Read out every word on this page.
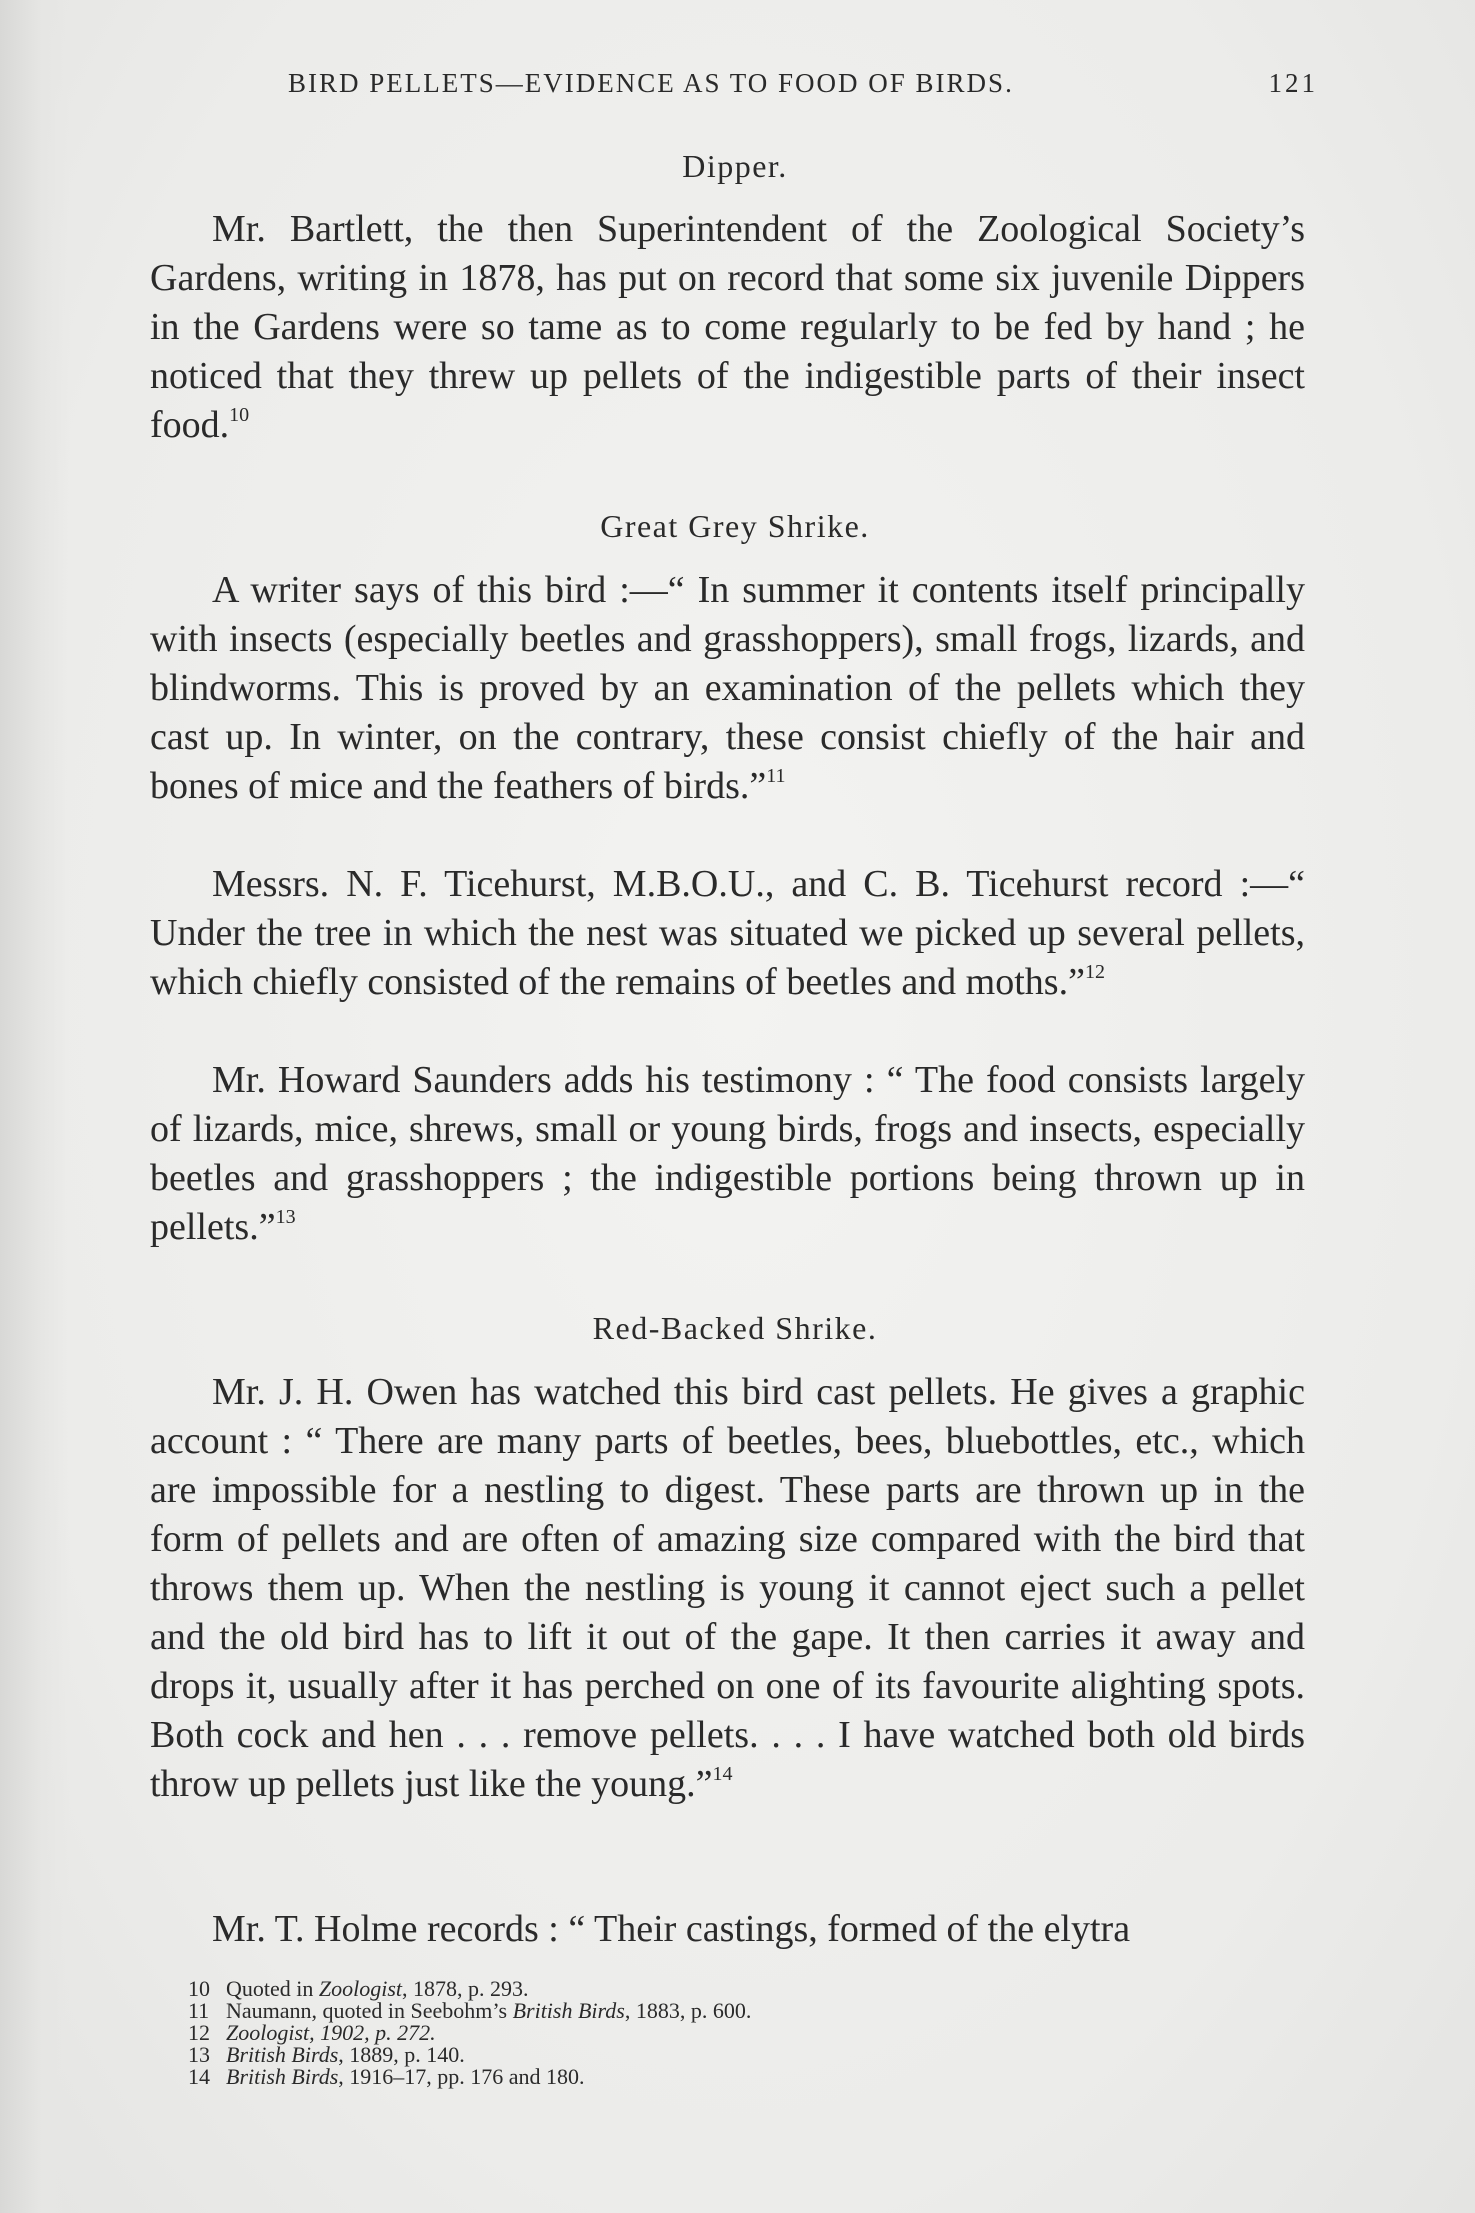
BIRD PELLETS—EVIDENCE AS TO FOOD OF BIRDS.	121
Dipper.

Mr. Bartlett, the then Superintendent of the Zoological Society’s Gardens, writing in 1878, has put on record that some six juvenile Dippers in the Gardens were so tame as to come regularly to be fed by hand ; he noticed that they threw up pellets of the indigestible parts of their insect food.$^{10}$

Great Grey Shrike.

A writer says of this bird :—“ In summer it contents itself principally with insects (especially beetles and grasshoppers), small frogs, lizards, and blindworms. This is proved by an examination of the pellets which they cast up. In winter, on the contrary, these consist chiefly of the hair and bones of mice and the feathers of birds.”$^{11}$

Messrs. N. F. Ticehurst, M.B.O.U., and C. B. Ticehurst record :—“ Under the tree in which the nest was situated we picked up several pellets, which chiefly consisted of the remains of beetles and moths.”$^{12}$

Mr. Howard Saunders adds his testimony : “ The food consists largely of lizards, mice, shrews, small or young birds, frogs and insects, especially beetles and grasshoppers ; the indigestible portions being thrown up in pellets.”$^{13}$

Red-Backed Shrike.

Mr. J. H. Owen has watched this bird cast pellets. He gives a graphic account : “ There are many parts of beetles, bees, bluebottles, etc., which are impossible for a nestling to digest. These parts are thrown up in the form of pellets and are often of amazing size compared with the bird that throws them up. When the nestling is young it cannot eject such a pellet and the old bird has to lift it out of the gape. It then carries it away and drops it, usually after it has perched on one of its favourite alighting spots. Both cock and hen . . . remove pellets. . . . I have watched both old birds throw up pellets just like the young.”$^{14}$

Mr. T. Holme records : “ Their castings, formed of the elytra

10 Quoted in Zoologist, 1878, p. 293.
11 Naumann, quoted in Seebohm’s British Birds, 1883, p. 600.
12 Zoologist, 1902, p. 272.
13 British Birds, 1889, p. 140.
14 British Birds, 1916–17, pp. 176 and 180.
